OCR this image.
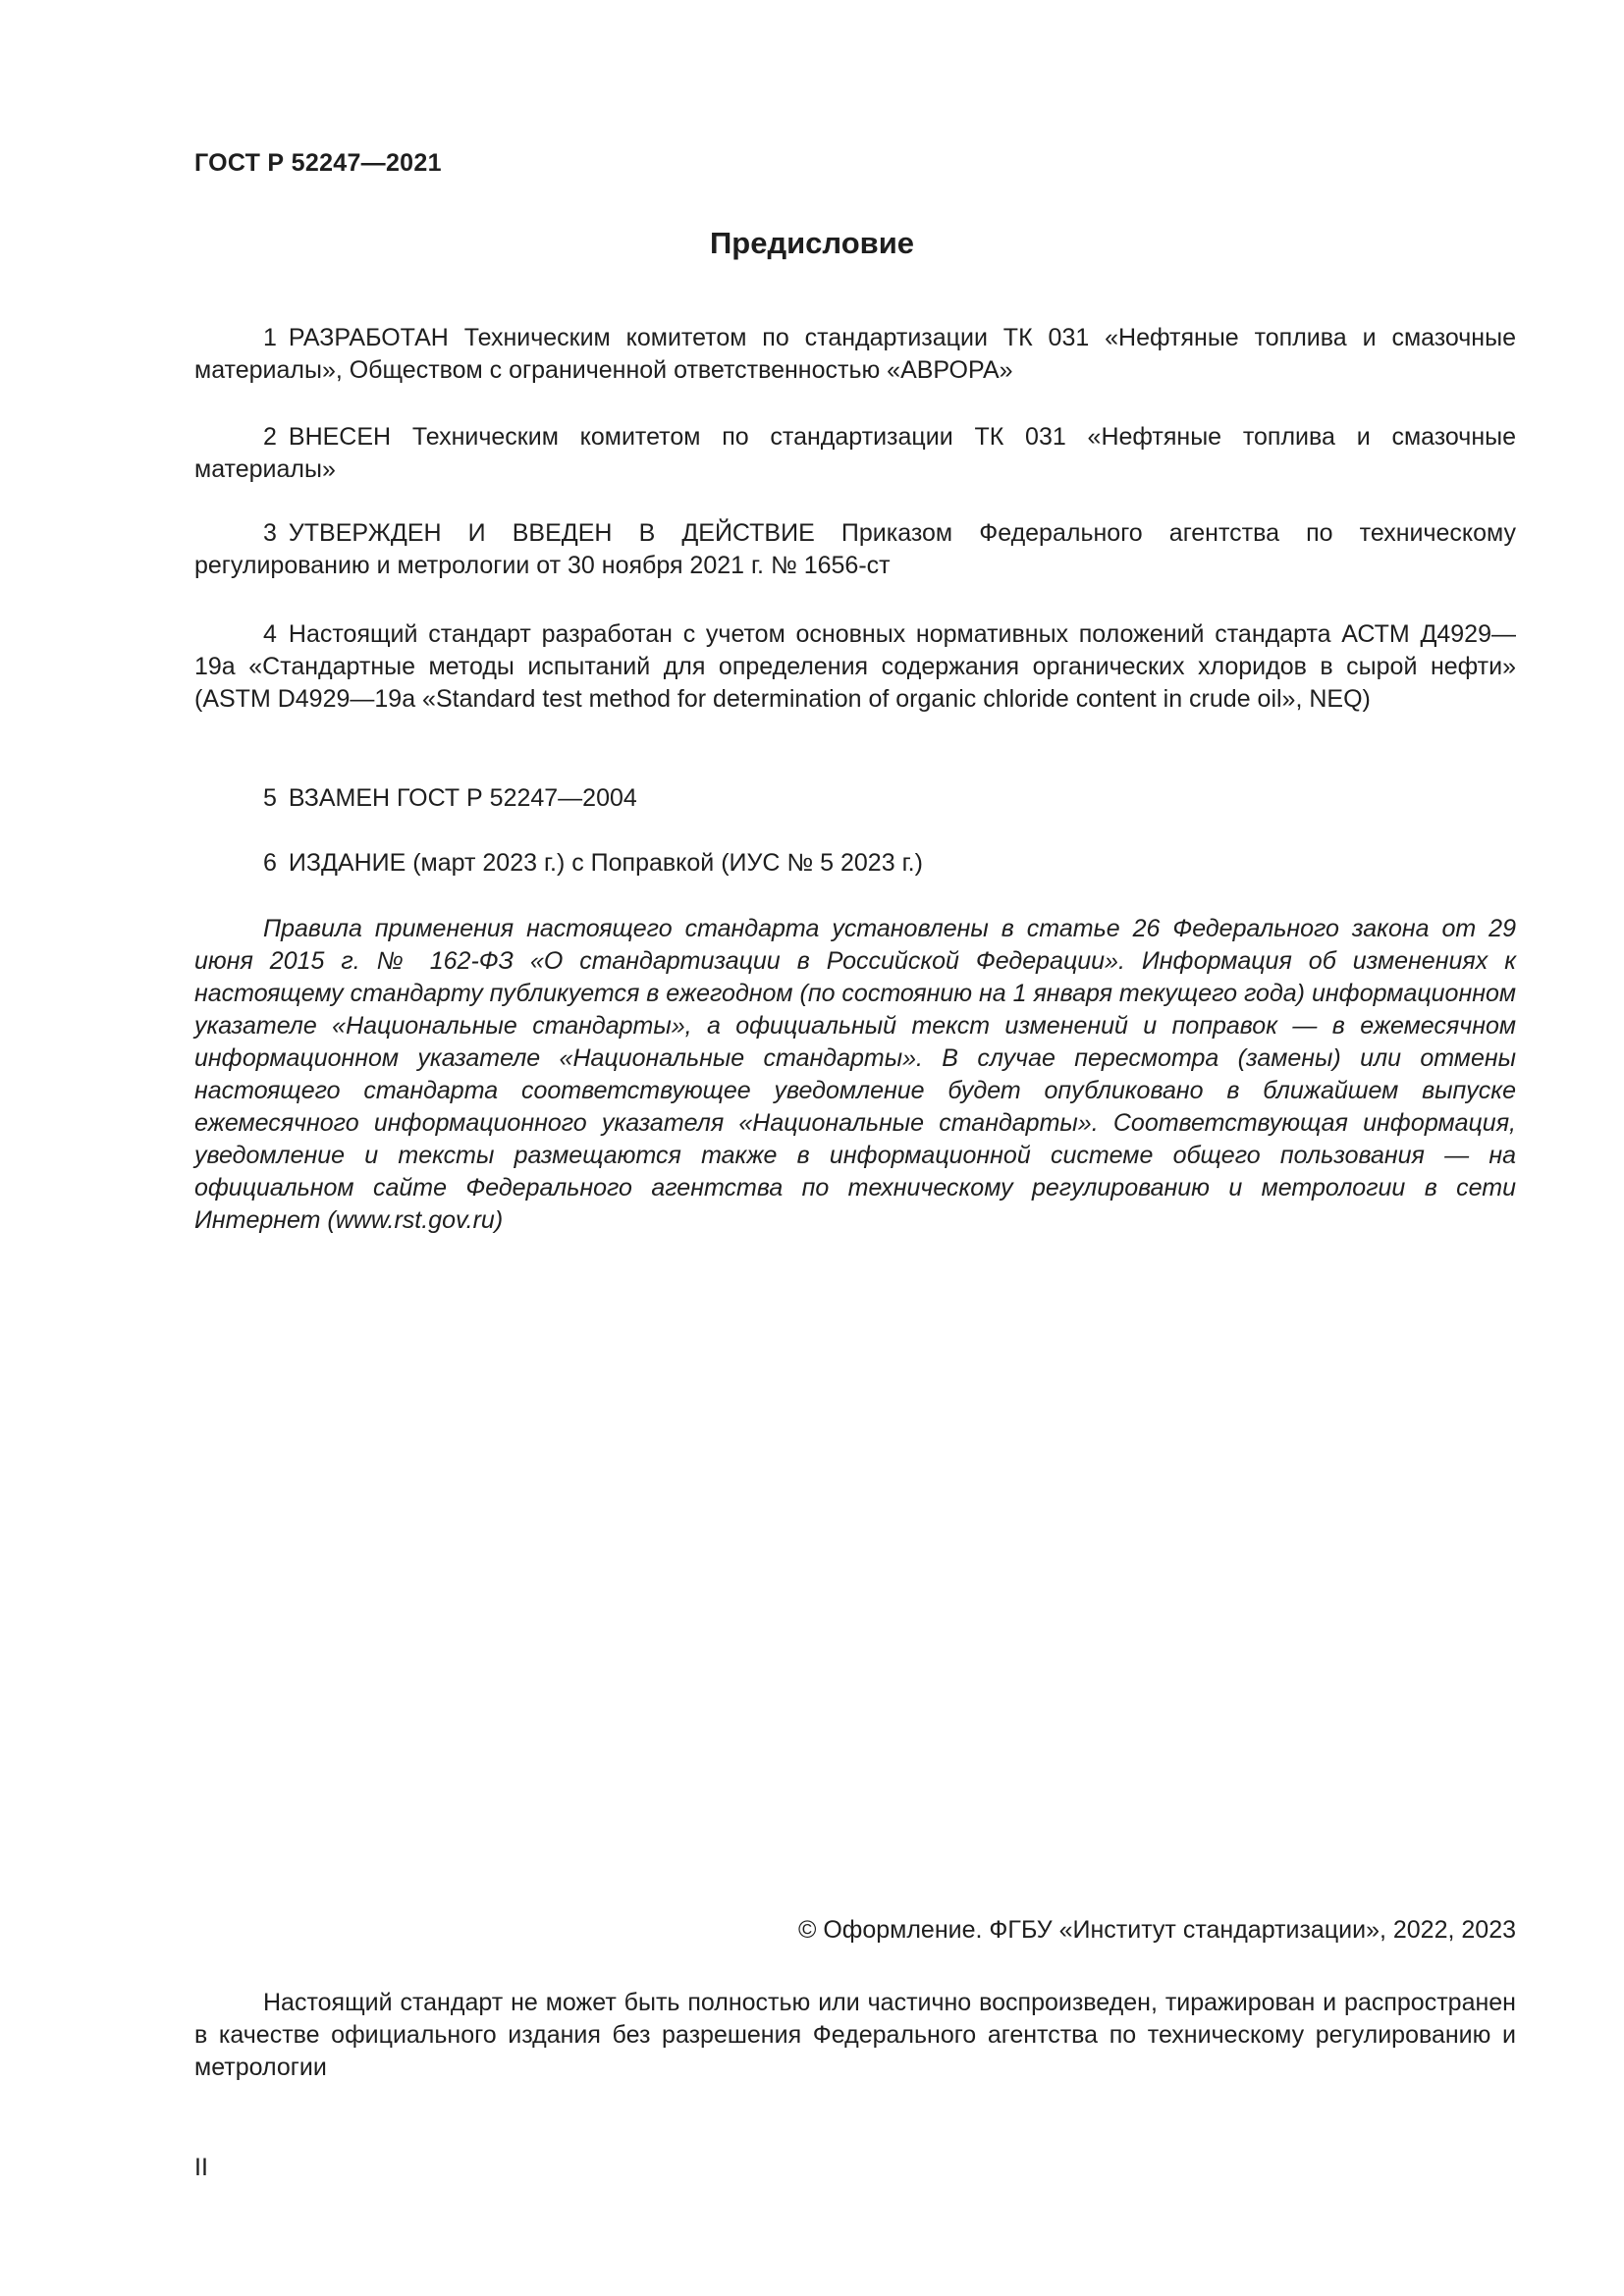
ГОСТ Р 52247—2021
Предисловие
1 РАЗРАБОТАН Техническим комитетом по стандартизации ТК 031 «Нефтяные топлива и смазочные материалы», Обществом с ограниченной ответственностью «АВРОРА»
2 ВНЕСЕН Техническим комитетом по стандартизации ТК 031 «Нефтяные топлива и смазочные материалы»
3 УТВЕРЖДЕН И ВВЕДЕН В ДЕЙСТВИЕ Приказом Федерального агентства по техническому регулированию и метрологии от 30 ноября 2021 г. № 1656-ст
4 Настоящий стандарт разработан с учетом основных нормативных положений стандарта АСТМ Д4929—19а «Стандартные методы испытаний для определения содержания органических хлоридов в сырой нефти» (ASTM D4929—19a «Standard test method for determination of organic chloride content in crude oil», NEQ)
5 ВЗАМЕН ГОСТ Р 52247—2004
6 ИЗДАНИЕ (март 2023 г.) с Поправкой (ИУС № 5 2023 г.)
Правила применения настоящего стандарта установлены в статье 26 Федерального закона от 29 июня 2015 г. № 162-ФЗ «О стандартизации в Российской Федерации». Информация об изменениях к настоящему стандарту публикуется в ежегодном (по состоянию на 1 января текущего года) информационном указателе «Национальные стандарты», а официальный текст изменений и поправок — в ежемесячном информационном указателе «Национальные стандарты». В случае пересмотра (замены) или отмены настоящего стандарта соответствующее уведомление будет опубликовано в ближайшем выпуске ежемесячного информационного указателя «Национальные стандарты». Соответствующая информация, уведомление и тексты размещаются также в информационной системе общего пользования — на официальном сайте Федерального агентства по техническому регулированию и метрологии в сети Интернет (www.rst.gov.ru)
© Оформление. ФГБУ «Институт стандартизации», 2022, 2023
Настоящий стандарт не может быть полностью или частично воспроизведен, тиражирован и распространен в качестве официального издания без разрешения Федерального агентства по техническому регулированию и метрологии
II
